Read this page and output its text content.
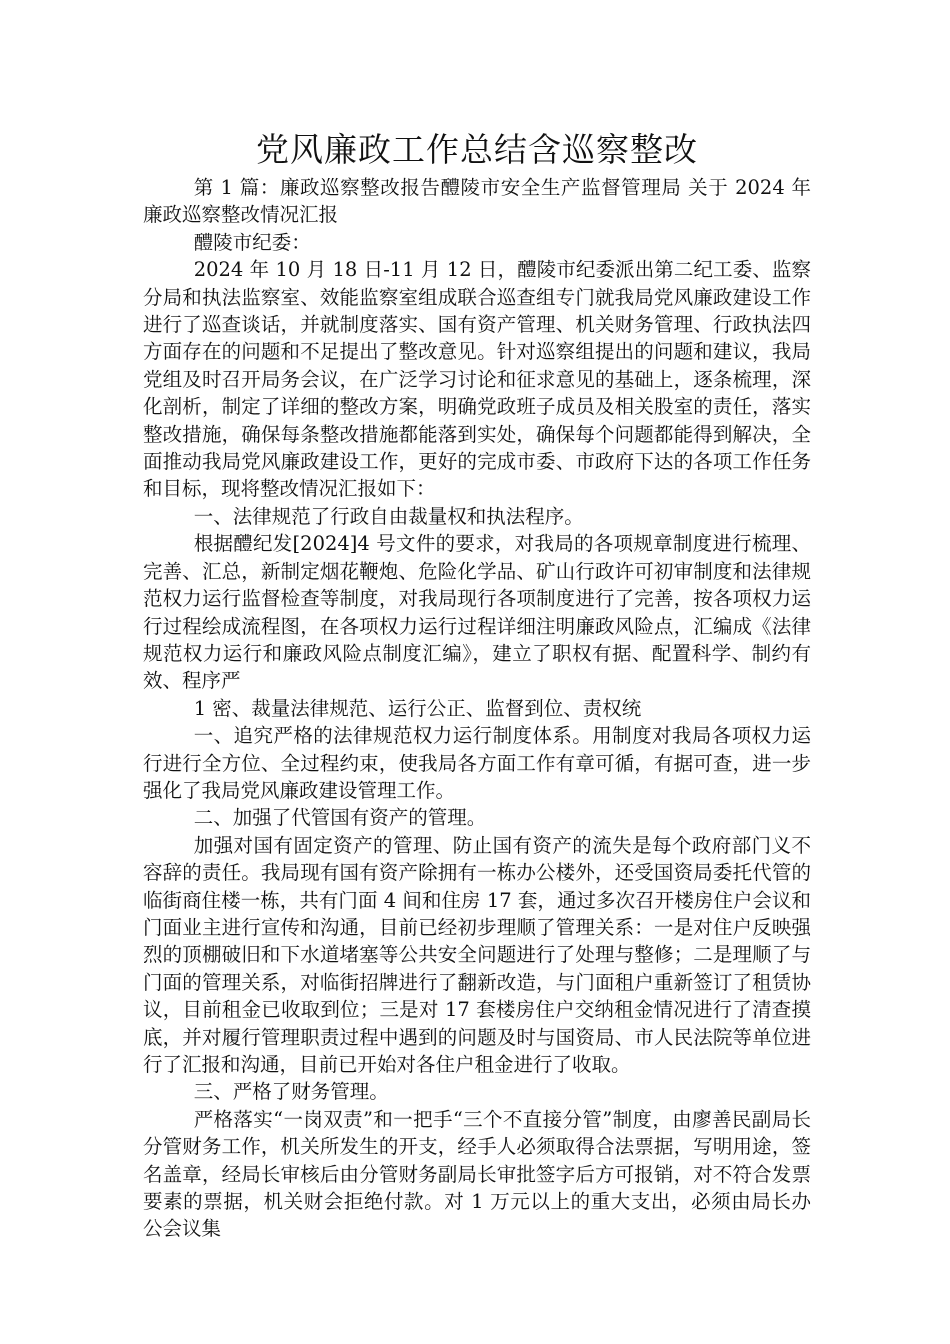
党风廉政工作总结含巡察整改

第 1 篇：廉政巡察整改报告醴陵市安全生产监督管理局 关于 2024 年廉政巡察整改情况汇报

醴陵市纪委：

2024 年 10 月 18 日-11 月 12 日，醴陵市纪委派出第二纪工委、监察分局和执法监察室、效能监察室组成联合巡查组专门就我局党风廉政建设工作进行了巡查谈话，并就制度落实、国有资产管理、机关财务管理、行政执法四方面存在的问题和不足提出了整改意见。针对巡察组提出的问题和建议，我局党组及时召开局务会议，在广泛学习讨论和征求意见的基础上，逐条梳理，深化剖析，制定了详细的整改方案，明确党政班子成员及相关股室的责任，落实整改措施，确保每条整改措施都能落到实处，确保每个问题都能得到解决，全面推动我局党风廉政建设工作，更好的完成市委、市政府下达的各项工作任务和目标，现将整改情况汇报如下：

一、法律规范了行政自由裁量权和执法程序。

根据醴纪发[2024]4 号文件的要求，对我局的各项规章制度进行梳理、完善、汇总，新制定烟花鞭炮、危险化学品、矿山行政许可初审制度和法律规范权力运行监督检查等制度，对我局现行各项制度进行了完善，按各项权力运行过程绘成流程图，在各项权力运行过程详细注明廉政风险点，汇编成《法律规范权力运行和廉政风险点制度汇编》，建立了职权有据、配置科学、制约有效、程序严

1 密、裁量法律规范、运行公正、监督到位、责权统

一、追究严格的法律规范权力运行制度体系。用制度对我局各项权力运行进行全方位、全过程约束，使我局各方面工作有章可循，有据可查，进一步强化了我局党风廉政建设管理工作。

二、加强了代管国有资产的管理。

加强对国有固定资产的管理、防止国有资产的流失是每个政府部门义不容辞的责任。我局现有国有资产除拥有一栋办公楼外，还受国资局委托代管的临街商住楼一栋，共有门面 4 间和住房 17 套，通过多次召开楼房住户会议和门面业主进行宣传和沟通，目前已经初步理顺了管理关系：一是对住户反映强烈的顶棚破旧和下水道堵塞等公共安全问题进行了处理与整修；二是理顺了与门面的管理关系，对临街招牌进行了翻新改造，与门面租户重新签订了租赁协议，目前租金已收取到位；三是对 17 套楼房住户交纳租金情况进行了清查摸底，并对履行管理职责过程中遇到的问题及时与国资局、市人民法院等单位进行了汇报和沟通，目前已开始对各住户租金进行了收取。

三、严格了财务管理。

严格落实“一岗双责”和一把手“三个不直接分管”制度，由廖善民副局长分管财务工作，机关所发生的开支，经手人必须取得合法票据，写明用途，签名盖章，经局长审核后由分管财务副局长审批签字后方可报销，对不符合发票要素的票据，机关财会拒绝付款。对 1 万元以上的重大支出，必须由局长办公会议集
